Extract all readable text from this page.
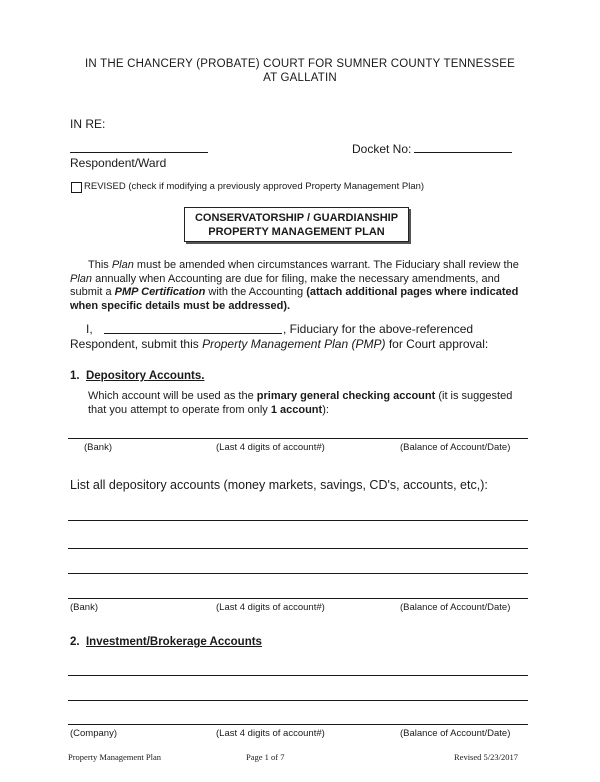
IN THE CHANCERY (PROBATE) COURT FOR SUMNER COUNTY TENNESSEE
AT GALLATIN
IN RE:
Respondent/Ward
Docket No:
REVISED (check if modifying a previously approved Property Management Plan)
CONSERVATORSHIP / GUARDIANSHIP
PROPERTY MANAGEMENT PLAN
This Plan must be amended when circumstances warrant. The Fiduciary shall review the Plan annually when Accounting are due for filing, make the necessary amendments, and submit a PMP Certification with the Accounting (attach additional pages where indicated when specific details must be addressed).
I,	, Fiduciary for the above-referenced
Respondent, submit this Property Management Plan (PMP) for Court approval:
1. Depository Accounts.
Which account will be used as the primary general checking account (it is suggested that you attempt to operate from only 1 account):
(Bank)	(Last 4 digits of account#)	(Balance of Account/Date)
List all depository accounts (money markets, savings, CD's, accounts, etc,):
(Bank)	(Last 4 digits of account#)	(Balance of Account/Date)
2. Investment/Brokerage Accounts
(Company)	(Last 4 digits of account#)	(Balance of Account/Date)
Property Management Plan	Page 1 of 7	Revised 5/23/2017
